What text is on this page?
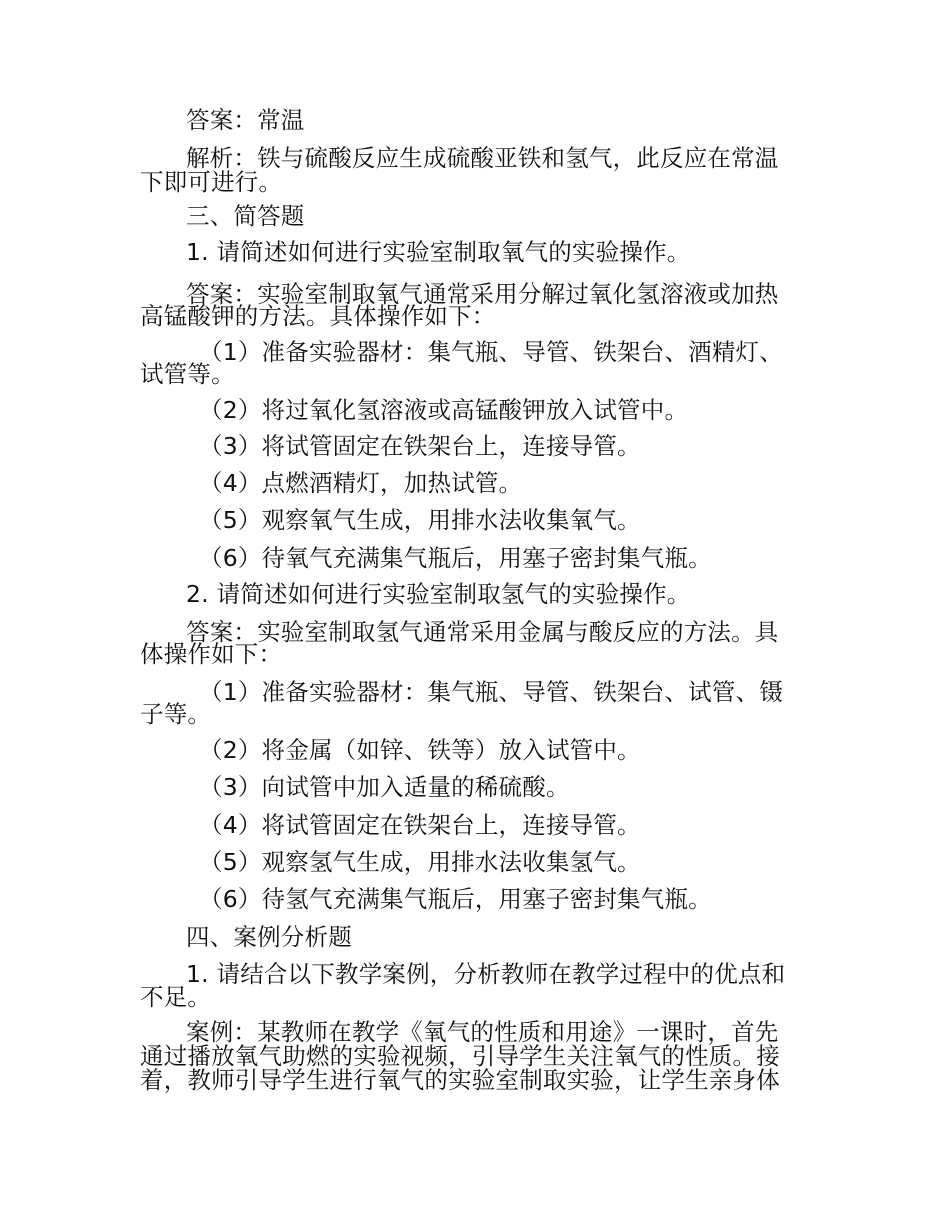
答案：常温
解析：铁与硫酸反应生成硫酸亚铁和氢气，此反应在常温
下即可进行。
三、简答题
1. 请简述如何进行实验室制取氧气的实验操作。
答案：实验室制取氧气通常采用分解过氧化氢溶液或加热
高锰酸钾的方法。具体操作如下：
（1）准备实验器材：集气瓶、导管、铁架台、酒精灯、
试管等。
（2）将过氧化氢溶液或高锰酸钾放入试管中。
（3）将试管固定在铁架台上，连接导管。
（4）点燃酒精灯，加热试管。
（5）观察氧气生成，用排水法收集氧气。
（6）待氧气充满集气瓶后，用塞子密封集气瓶。
2. 请简述如何进行实验室制取氢气的实验操作。
答案：实验室制取氢气通常采用金属与酸反应的方法。具
体操作如下：
（1）准备实验器材：集气瓶、导管、铁架台、试管、镊
子等。
（2）将金属（如锌、铁等）放入试管中。
（3）向试管中加入适量的稀硫酸。
（4）将试管固定在铁架台上，连接导管。
（5）观察氢气生成，用排水法收集氢气。
（6）待氢气充满集气瓶后，用塞子密封集气瓶。
四、案例分析题
1. 请结合以下教学案例，分析教师在教学过程中的优点和
不足。
案例：某教师在教学《氧气的性质和用途》一课时，首先
通过播放氧气助燃的实验视频，引导学生关注氧气的性质。接
着，教师引导学生进行氧气的实验室制取实验，让学生亲身体
